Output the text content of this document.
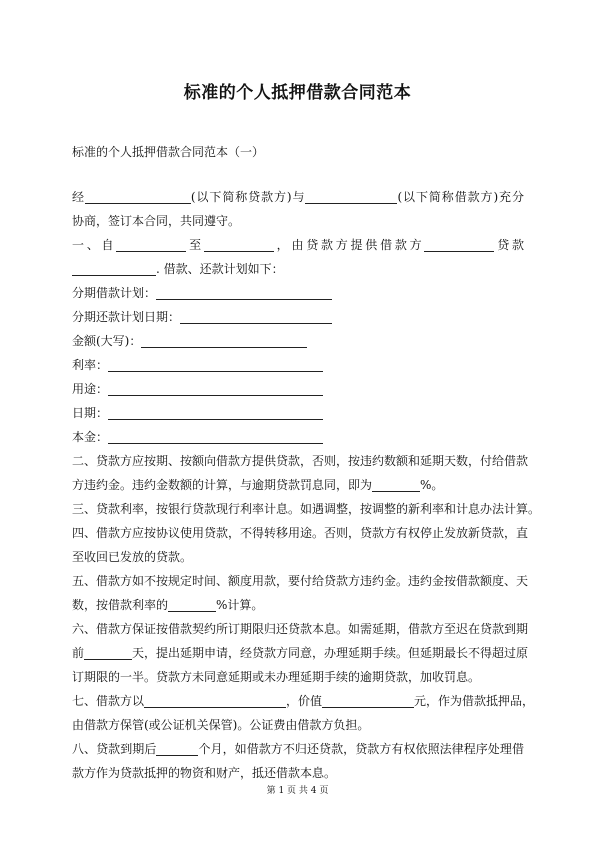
标准的个人抵押借款合同范本
标准的个人抵押借款合同范本（一）
经	(以下简称贷款方)与	(以下简称借款方)充分
协商，签订本合同，共同遵守。
一、自	至	，由贷款方提供借款方	贷款
. 借款、还款计划如下：
分期借款计划：
分期还款计划日期：
金额(大写)：
利率：
用途：
日期：
本金：
二、贷款方应按期、按额向借款方提供贷款，否则，按违约数额和延期天数，付给借款
方违约金。违约金数额的计算，与逾期贷款罚息同，即为	%。
三、贷款利率，按银行贷款现行利率计息。如遇调整，按调整的新利率和计息办法计算。
四、借款方应按协议使用贷款，不得转移用途。否则，贷款方有权停止发放新贷款，直
至收回已发放的贷款。
五、借款方如不按规定时间、额度用款，要付给贷款方违约金。违约金按借款额度、天
数，按借款利率的	%计算。
六、借款方保证按借款契约所订期限归还贷款本息。如需延期，借款方至迟在贷款到期
前	天，提出延期申请，经贷款方同意，办理延期手续。但延期最长不得超过原
订期限的一半。贷款方未同意延期或未办理延期手续的逾期贷款，加收罚息。
七、借款方以	，价值	元，作为借款抵押品，
由借款方保管(或公证机关保管)。公证费由借款方负担。
八、贷款到期后	个月，如借款方不归还贷款，贷款方有权依照法律程序处理借
款方作为贷款抵押的物资和财产，抵还借款本息。
第 1 页 共 4 页
